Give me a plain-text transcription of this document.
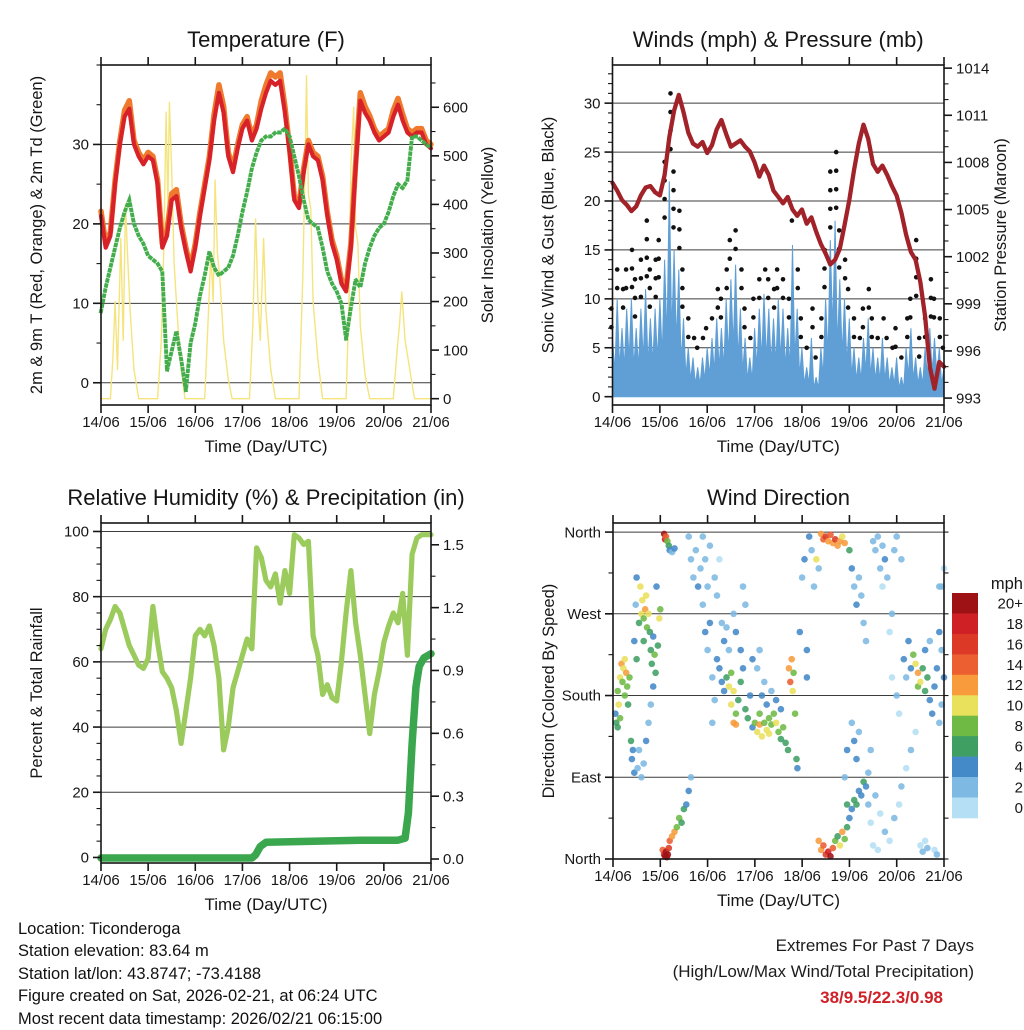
14/06 15/06 16/06 17/06 18/06 19/06 20/06 21/06
0
10
20
30
0
100
200
300
400
500
600
Temperature (F)
Time (Day/UTC)
2m & 9m T (Red, Orange) & 2m Td (Green)	Solar Insolation (Yellow)
14/06 15/06 16/06 17/06 18/06 19/06 20/06 21/06
0
5
10
15
20
25
30
993
996
999
1002
1005
1008
1011
1014
Winds (mph) & Pressure (mb)
Time (Day/UTC)
Sonic Wind & Gust (Blue, Black)	Station Pressure (Maroon)
14/06 15/06 16/06 17/06 18/06 19/06 20/06 21/06
0
20
40
60
80
100
0.0
0.3
0.6
0.9
1.2
1.5
Relative Humidity (%) & Precipitation (in)
Time (Day/UTC)
Percent & Total Rainfall
14/06 15/06 16/06 17/06 18/06 19/06 20/06 21/06
North
West
South
East
North
Wind Direction
Time (Day/UTC)
Direction (Colored By Speed)	mph
20+
18
16
14
12
10
8
6
4
2
0
Location: Ticonderoga
Station elevation: 83.64 m
Station lat/lon: 43.8747; -73.4188
Figure created on Sat, 2026-02-21, at 06:24 UTC
Most recent data timestamp: 2026/02/21 06:15:00
Extremes For Past 7 Days
(High/Low/Max Wind/Total Precipitation)
38/9.5/22.3/0.98
